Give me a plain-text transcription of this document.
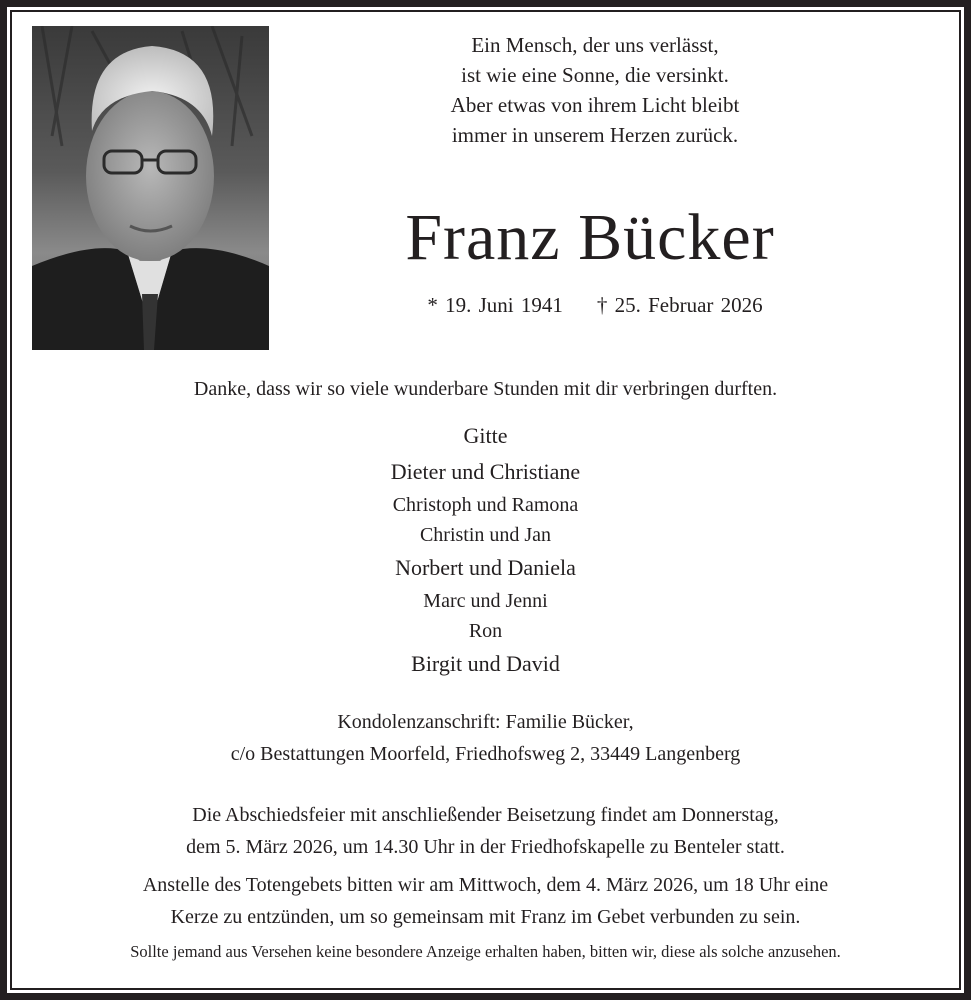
Ein Mensch, der uns verlässt,
ist wie eine Sonne, die versinkt.
Aber etwas von ihrem Licht bleibt
immer in unserem Herzen zurück.
Franz Bücker
* 19. Juni 1941 † 25. Februar 2026
Danke, dass wir so viele wunderbare Stunden mit dir verbringen durften.
Gitte
Dieter und Christiane
Christoph und Ramona
Christin und Jan
Norbert und Daniela
Marc und Jenni
Ron
Birgit und David
Kondolenzanschrift: Familie Bücker,
c/o Bestattungen Moorfeld, Friedhofsweg 2, 33449 Langenberg
Die Abschiedsfeier mit anschließender Beisetzung findet am Donnerstag,
dem 5. März 2026, um 14.30 Uhr in der Friedhofskapelle zu Benteler statt.
Anstelle des Totengebets bitten wir am Mittwoch, dem 4. März 2026, um 18 Uhr eine
Kerze zu entzünden, um so gemeinsam mit Franz im Gebet verbunden zu sein.
Sollte jemand aus Versehen keine besondere Anzeige erhalten haben, bitten wir, diese als solche anzusehen.
